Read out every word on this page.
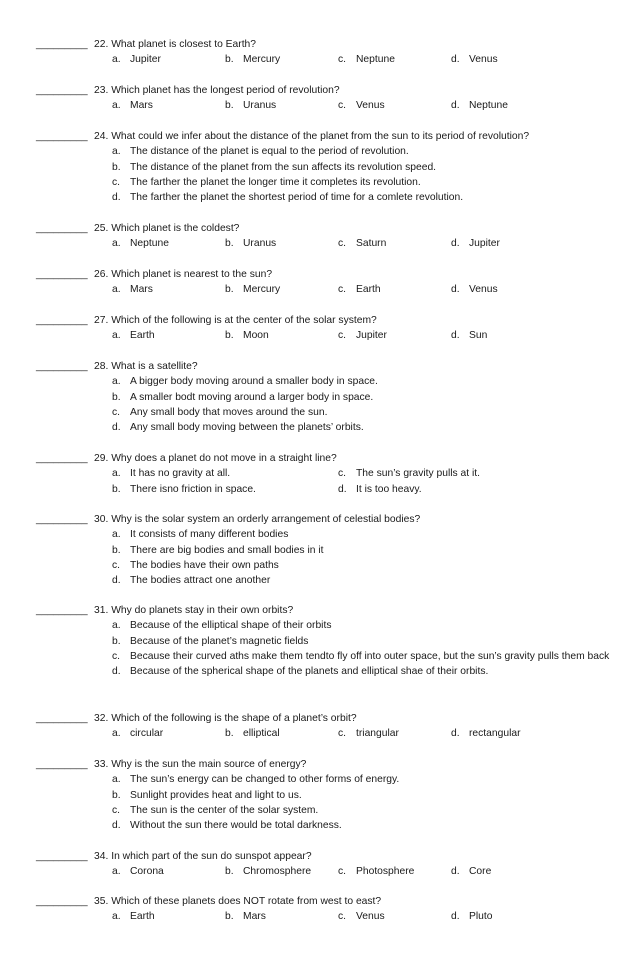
_________ 22. What planet is closest to Earth?
a. Jupiter	b. Mercury	c. Neptune	d. Venus
_________ 23. Which planet has the longest period of revolution?
a. Mars	b. Uranus	c. Venus	d. Neptune
_________ 24. What could we infer about the distance of the planet from the sun to its period of revolution?
a. The distance of the planet is equal to the period of revolution.
b. The distance of the planet from the sun affects its revolution speed.
c. The farther the planet the longer time it completes its revolution.
d. The farther the planet the shortest period of time for a comlete revolution.
_________ 25. Which planet is the coldest?
a. Neptune	b. Uranus	c. Saturn	d. Jupiter
_________ 26. Which planet is nearest to the sun?
a. Mars	b. Mercury	c. Earth	d. Venus
_________ 27. Which of the following is at the center of the solar system?
a. Earth	b. Moon	c. Jupiter	d. Sun
_________ 28. What is a satellite?
a. A bigger body moving around a smaller body in space.
b. A smaller bodt moving around a larger body in space.
c. Any small body that moves around the sun.
d. Any small body moving between the planets’ orbits.
_________ 29. Why does a planet do not move in a straight line?
a. It has no gravity at all.	c. The sun’s gravity pulls at it.
b. There isno friction in space.	d. It is too heavy.
_________ 30. Why is the solar system an orderly arrangement of celestial bodies?
a. It consists of many different bodies
b. There are big bodies and small bodies in it
c. The bodies have their own paths
d. The bodies attract one another
_________ 31. Why do planets stay in their own orbits?
a. Because of the elliptical shape of their orbits
b. Because of the planet’s magnetic fields
c. Because their curved aths make them tendto fly off into outer space, but the sun’s gravity pulls them back
d. Because of the spherical shape of the planets and elliptical shae of their orbits.
_________ 32. Which of the following is the shape of a planet’s orbit?
a. circular	b. elliptical	c. triangular	d. rectangular
_________ 33. Why is the sun the main source of energy?
a. The sun’s energy can be changed to other forms of energy.
b. Sunlight provides heat and light to us.
c. The sun is the center of the solar system.
d. Without the sun there would be total darkness.
_________ 34. In which part of the sun do sunspot appear?
a. Corona	b. Chromosphere	c. Photosphere	d. Core
_________ 35. Which of these planets does NOT rotate from west to east?
a. Earth	b. Mars	c. Venus	d. Pluto
